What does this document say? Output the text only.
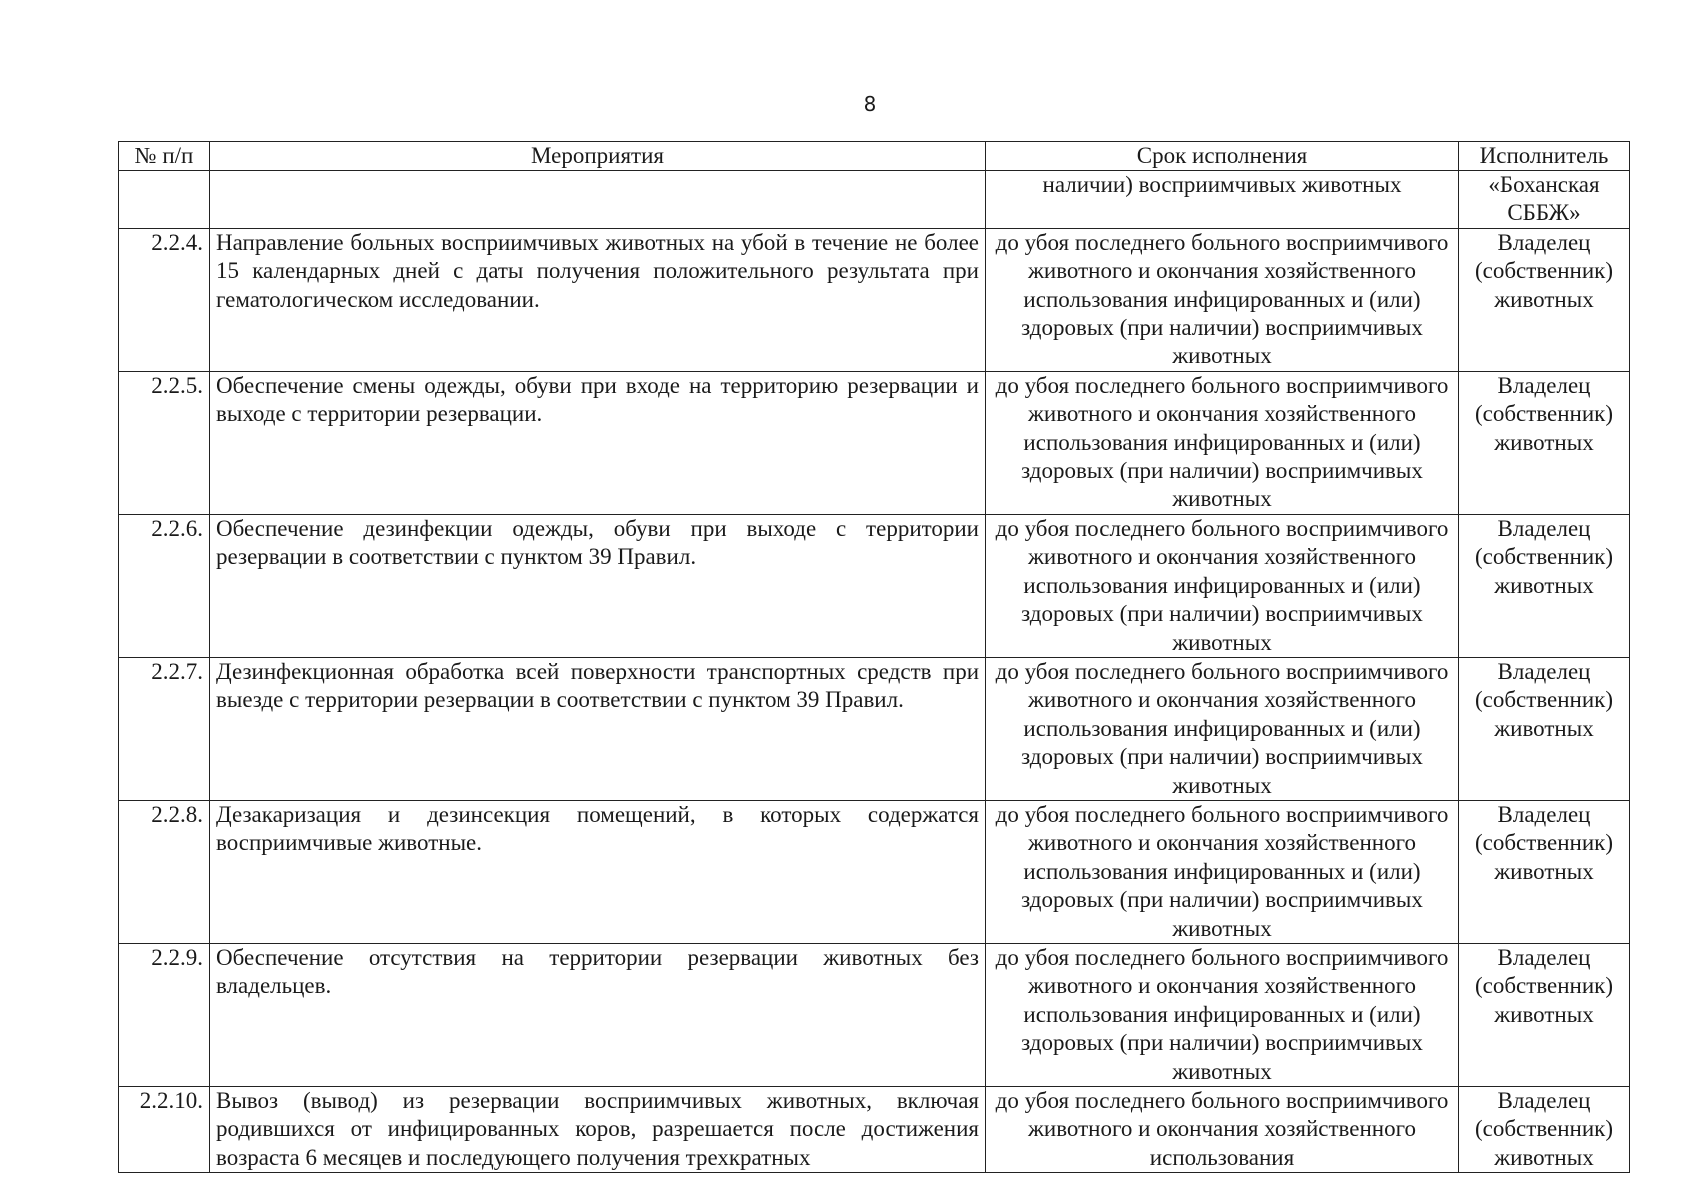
8
№ п/п	Мероприятия	Срок исполнения	Исполнитель
		наличии) восприимчивых животных	«Боханская СББЖ»
2.2.4.	Направление больных восприимчивых животных на убой в течение не более 15 календарных дней с даты получения положительного результата при гематологическом исследовании.	до убоя последнего больного восприимчивого животного и окончания хозяйственного использования инфицированных и (или) здоровых (при наличии) восприимчивых животных	Владелец (собственник) животных
2.2.5.	Обеспечение смены одежды, обуви при входе на территорию резервации и выходе с территории резервации.	до убоя последнего больного восприимчивого животного и окончания хозяйственного использования инфицированных и (или) здоровых (при наличии) восприимчивых животных	Владелец (собственник) животных
2.2.6.	Обеспечение дезинфекции одежды, обуви при выходе с территории резервации в соответствии с пунктом 39 Правил.	до убоя последнего больного восприимчивого животного и окончания хозяйственного использования инфицированных и (или) здоровых (при наличии) восприимчивых животных	Владелец (собственник) животных
2.2.7.	Дезинфекционная обработка всей поверхности транспортных средств при выезде с территории резервации в соответствии с пунктом 39 Правил.	до убоя последнего больного восприимчивого животного и окончания хозяйственного использования инфицированных и (или) здоровых (при наличии) восприимчивых животных	Владелец (собственник) животных
2.2.8.	Дезакаризация и дезинсекция помещений, в которых содержатся восприимчивые животные.	до убоя последнего больного восприимчивого животного и окончания хозяйственного использования инфицированных и (или) здоровых (при наличии) восприимчивых животных	Владелец (собственник) животных
2.2.9.	Обеспечение отсутствия на территории резервации животных без владельцев.	до убоя последнего больного восприимчивого животного и окончания хозяйственного использования инфицированных и (или) здоровых (при наличии) восприимчивых животных	Владелец (собственник) животных
2.2.10.	Вывоз (вывод) из резервации восприимчивых животных, включая родившихся от инфицированных коров, разрешается после достижения возраста 6 месяцев и последующего получения трехкратных	до убоя последнего больного восприимчивого животного и окончания хозяйственного использования	Владелец (собственник) животных
